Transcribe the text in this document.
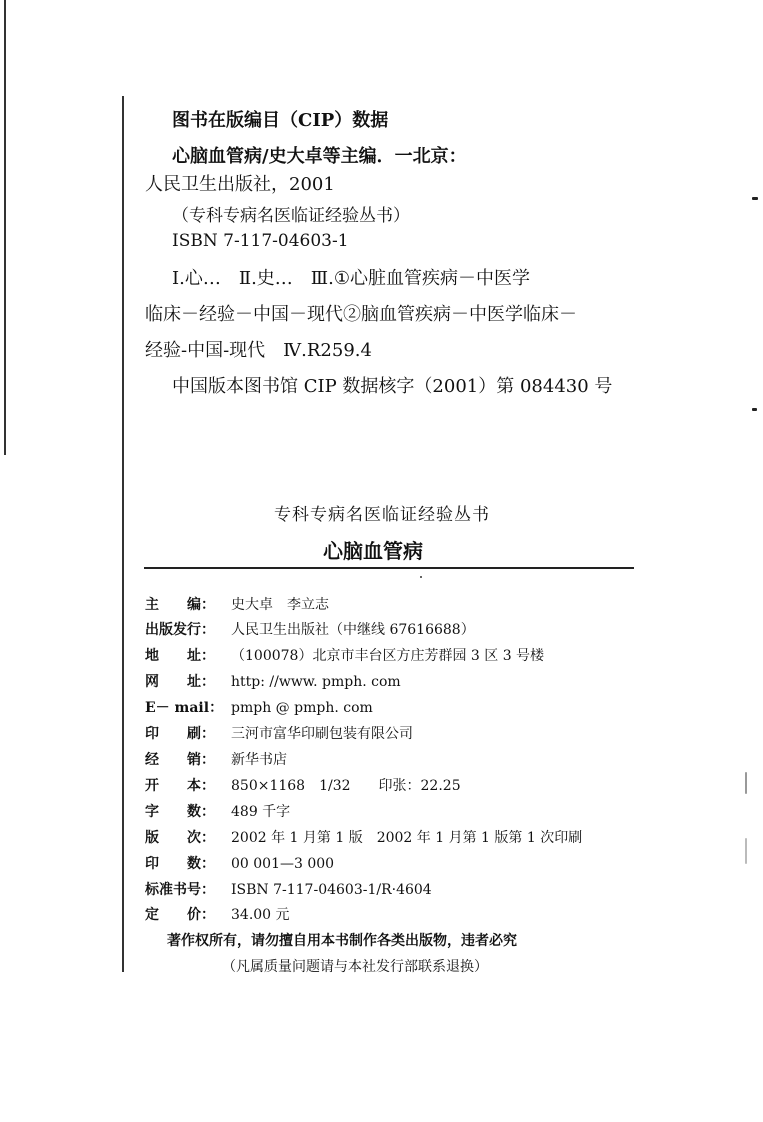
图书在版编目（CIP）数据
心脑血管病/史大卓等主编．一北京：
人民卫生出版社，2001
（专科专病名医临证经验丛书）
ISBN 7-117-04603-1
Ⅰ.心…　Ⅱ.史…　Ⅲ.①心脏血管疾病－中医学
临床－经验－中国－现代②脑血管疾病－中医学临床－
经验-中国-现代　Ⅳ.R259.4
中国版本图书馆 CIP 数据核字（2001）第 084430 号
专科专病名医临证经验丛书
心脑血管病
主　　编： 史大卓　李立志
出版发行： 人民卫生出版社（中继线 67616688）
地　　址： （100078）北京市丰台区方庄芳群园 3 区 3 号楼
网　　址： http: //www. pmph. com
E－ mail： pmph @ pmph. com
印　　刷： 三河市富华印刷包装有限公司
经　　销： 新华书店
开　　本： 850×1168　1/32　　印张：22.25
字　　数： 489 千字
版　　次： 2002 年 1 月第 1 版　2002 年 1 月第 1 版第 1 次印刷
印　　数： 00 001—3 000
标准书号： ISBN 7-117-04603-1/R·4604
定　　价： 34.00 元
著作权所有，请勿擅自用本书制作各类出版物，违者必究
（凡属质量问题请与本社发行部联系退换）
